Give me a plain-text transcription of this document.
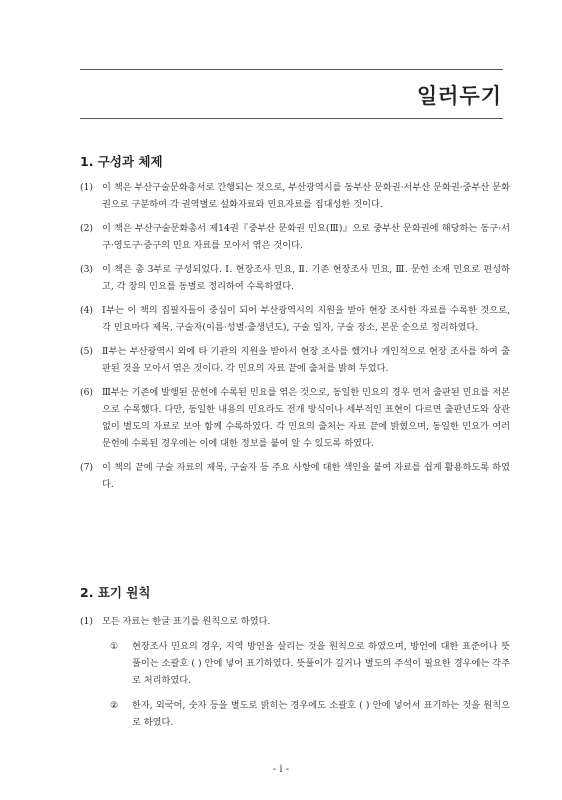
일러두기
1. 구성과 체제
(1) 이 책은 부산구술문화총서로 간행되는 것으로, 부산광역시를 동부산 문화권·서부산 문화권·중부산 문화권으로 구분하여 각 권역별로 설화자료와 민요자료를 집대성한 것이다.
(2) 이 책은 부산구술문화총서 제14권『중부산 문화권 민요(Ⅲ)』으로 중부산 문화권에 해당하는 동구·서구·영도구·중구의 민요 자료를 모아서 엮은 것이다.
(3) 이 책은 총 3부로 구성되었다. Ⅰ. 현장조사 민요, Ⅱ. 기존 현장조사 민요, Ⅲ. 문헌 소재 민요로 편성하고, 각 장의 민요를 동별로 정리하여 수록하였다.
(4) Ⅰ부는 이 책의 집필자들이 중심이 되어 부산광역시의 지원을 받아 현장 조사한 자료를 수록한 것으로, 각 민요마다 제목, 구술자(이름·성별·출생년도), 구술 일자, 구술 장소, 본문 순으로 정리하였다.
(5) Ⅱ부는 부산광역시 외에 타 기관의 지원을 받아서 현장 조사를 했거나 개인적으로 현장 조사를 하여 출판된 것을 모아서 엮은 것이다. 각 민요의 자료 끝에 출처를 밝혀 두었다.
(6) Ⅲ부는 기존에 발행된 문헌에 수록된 민요를 엮은 것으로, 동일한 민요의 경우 먼저 출판된 민요를 저본으로 수록했다. 다만, 동일한 내용의 민요라도 전개 방식이나 세부적인 표현이 다르면 출판년도와 상관없이 별도의 자료로 보아 함께 수록하였다. 각 민요의 출처는 자료 끝에 밝혔으며, 동일한 민요가 여러 문헌에 수록된 경우에는 이에 대한 정보를 붙여 알 수 있도록 하였다.
(7) 이 책의 끝에 구술 자료의 제목, 구술자 등 주요 사항에 대한 색인을 붙여 자료를 쉽게 활용하도록 하였다.
2. 표기 원칙
(1) 모든 자료는 한글 표기를 원칙으로 하였다.
① 현장조사 민요의 경우, 지역 방언을 살리는 것을 원칙으로 하였으며, 방언에 대한 표준어나 뜻풀이는 소괄호 ( ) 안에 넣어 표기하였다. 뜻풀이가 길거나 별도의 주석이 필요한 경우에는 각주로 처리하였다.
② 한자, 외국어, 숫자 등을 별도로 밝히는 경우에도 소괄호 ( ) 안에 넣어서 표기하는 것을 원칙으로 하였다.
- i -
